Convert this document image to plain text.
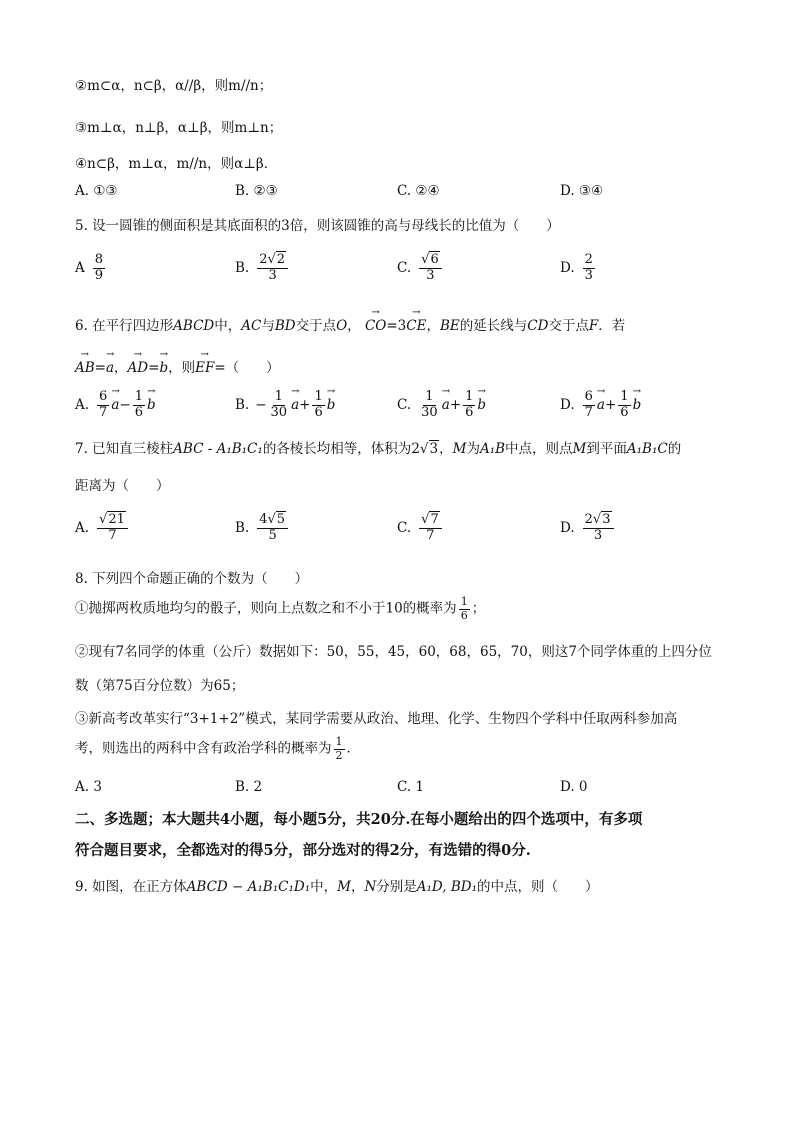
②m⊂α，n⊂β，α//β，则m//n；
③m⊥α，n⊥β，α⊥β，则m⊥n；
④n⊂β，m⊥α，m//n，则α⊥β．
A. ①③	B. ②③	C. ②④	D. ③④
5. 设一圆锥的侧面积是其底面积的3倍，则该圆锥的高与母线长的比值为（　　）
A $\frac{8}{9}$	B. $\frac{2√2}{3}$	C. $\frac{√6}{3}$	D. $\frac{2}{3}$
6. 在平行四边形ABCD中，AC与BD交于点O， → CO=3→ CE，BE的延长线与CD交于点F．若
→ AB=→ a，→ AD=→ b，则→ EF=（　　）
A. $\frac{6}{7}$
→ $a - \frac{1}{6}$
→ b	B. − $\frac{1}{30}$
→ $a + \frac{1}{6}$
→ b	C. $\frac{1}{30}$
→ $a + \frac{1}{6}$
→ b	D. $\frac{6}{7}$
→ $a + \frac{1}{6}$
→ b
7. 已知直三棱柱ABC - A₁B₁C₁的各棱长均相等，体积为2√3，M为A₁B中点，则点M到平面A₁B₁C的
距离为（　　）
A. $\frac{√21}{7}$	B. $\frac{4√5}{5}$	C. $\frac{√7}{7}$	D. $\frac{2√3}{3}$
8. 下列四个命题正确的个数为（　　）
①抛掷两枚质地均匀的骰子，则向上点数之和不小于10的概率为 $\frac{1}{6}$ ；
②现有7名同学的体重（公斤）数据如下：50，55，45，60，68，65，70，则这7个同学体重的上四分位
数（第75百分位数）为65；
③新高考改革实行“3+1+2”模式，某同学需要从政治、地理、化学、生物四个学科中任取两科参加高
考，则选出的两科中含有政治学科的概率为 $\frac{1}{2}$ ．
A. 3	B. 2	C. 1	D. 0
二、多选题；本大题共4小题，每小题5分，共20分.在每小题给出的四个选项中，有多项
符合题目要求，全都选对的得5分，部分选对的得2分，有选错的得0分.
9. 如图，在正方体ABCD − A₁B₁C₁D₁中，M，N分别是A₁D, BD₁的中点，则（　　）
